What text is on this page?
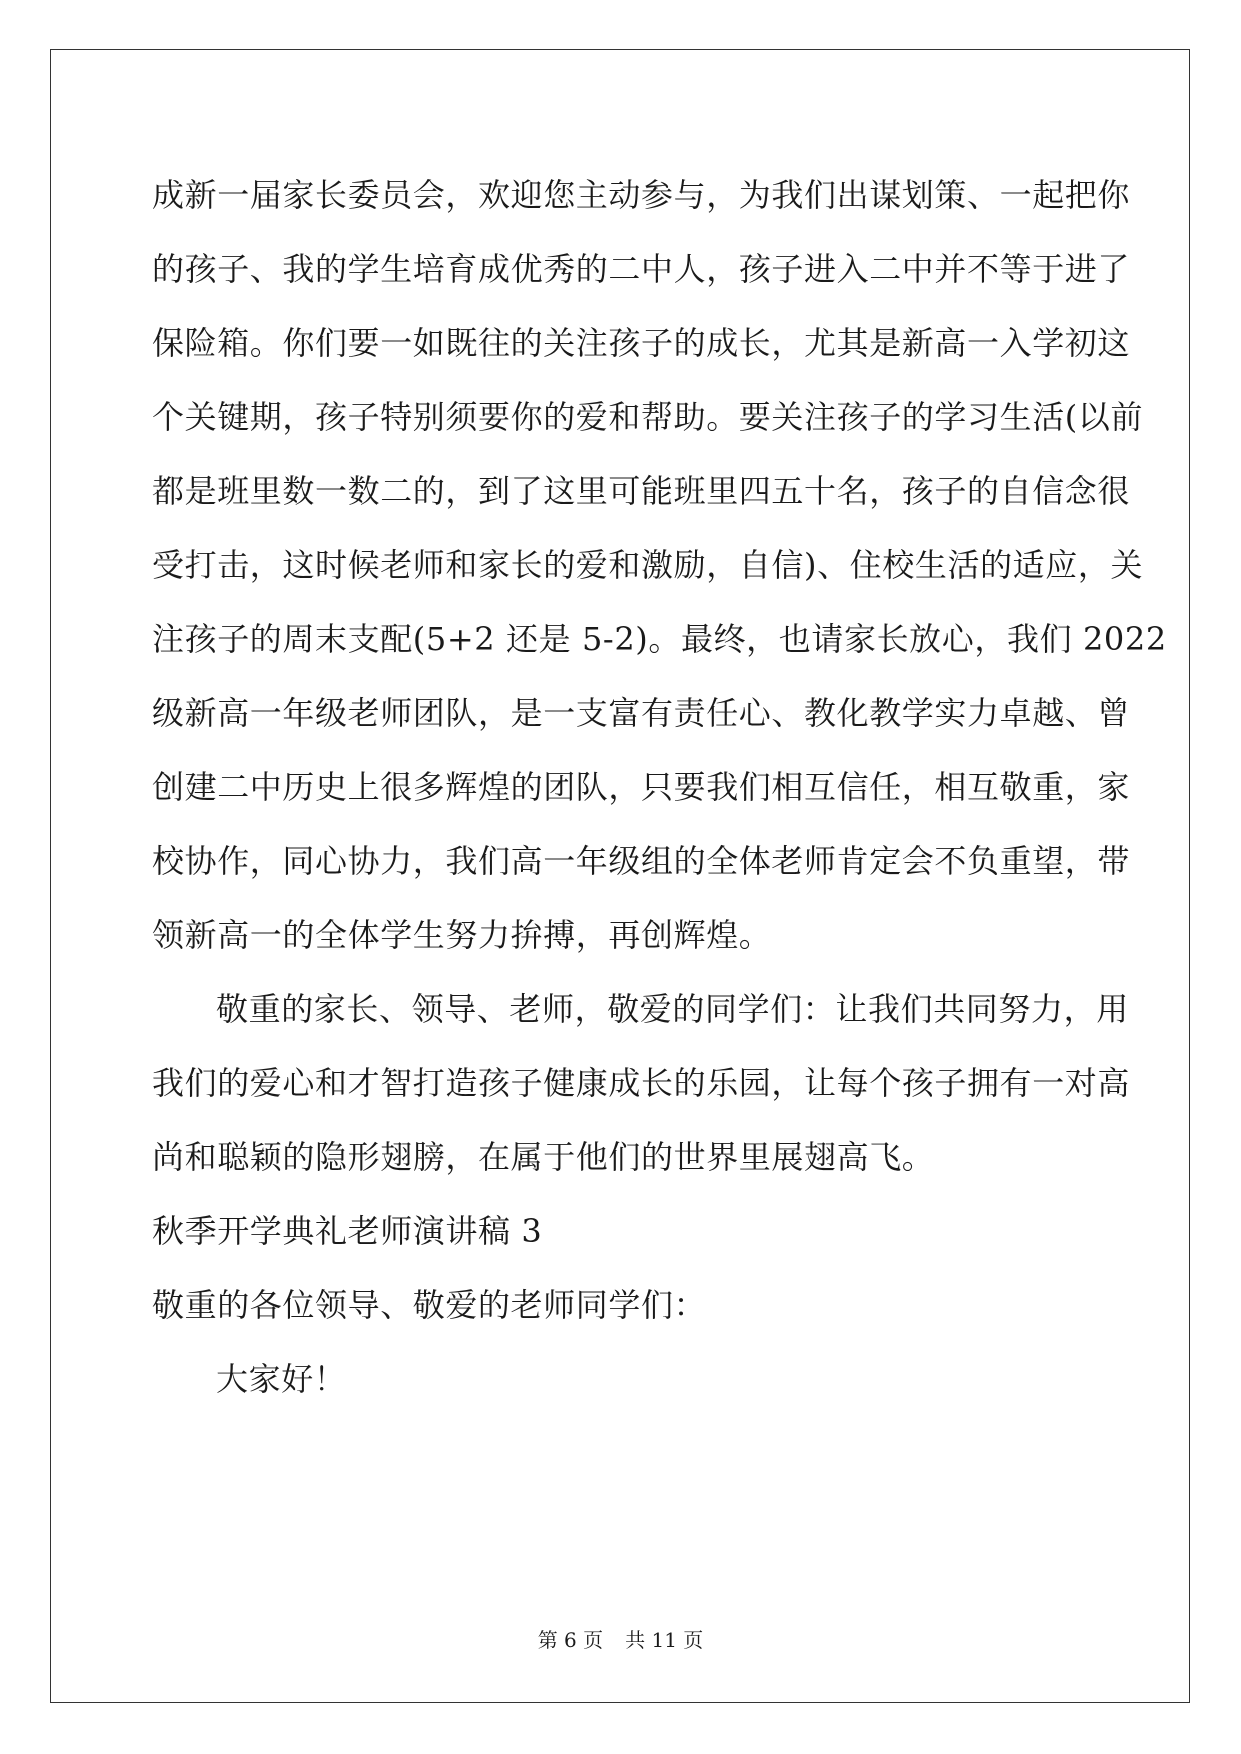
成新一届家长委员会，欢迎您主动参与，为我们出谋划策、一起把你
的孩子、我的学生培育成优秀的二中人，孩子进入二中并不等于进了
保险箱。你们要一如既往的关注孩子的成长，尤其是新高一入学初这
个关键期，孩子特别须要你的爱和帮助。要关注孩子的学习生活(以前
都是班里数一数二的，到了这里可能班里四五十名，孩子的自信念很
受打击，这时候老师和家长的爱和激励，自信)、住校生活的适应，关
注孩子的周末支配(5+2 还是 5-2)。最终，也请家长放心，我们 2022
级新高一年级老师团队，是一支富有责任心、教化教学实力卓越、曾
创建二中历史上很多辉煌的团队，只要我们相互信任，相互敬重，家
校协作，同心协力，我们高一年级组的全体老师肯定会不负重望，带
领新高一的全体学生努力拚搏，再创辉煌。
敬重的家长、领导、老师，敬爱的同学们：让我们共同努力，用
我们的爱心和才智打造孩子健康成长的乐园，让每个孩子拥有一对高
尚和聪颖的隐形翅膀，在属于他们的世界里展翅高飞。
秋季开学典礼老师演讲稿 3
敬重的各位领导、敬爱的老师同学们：
大家好！
第 6 页 共 11 页
